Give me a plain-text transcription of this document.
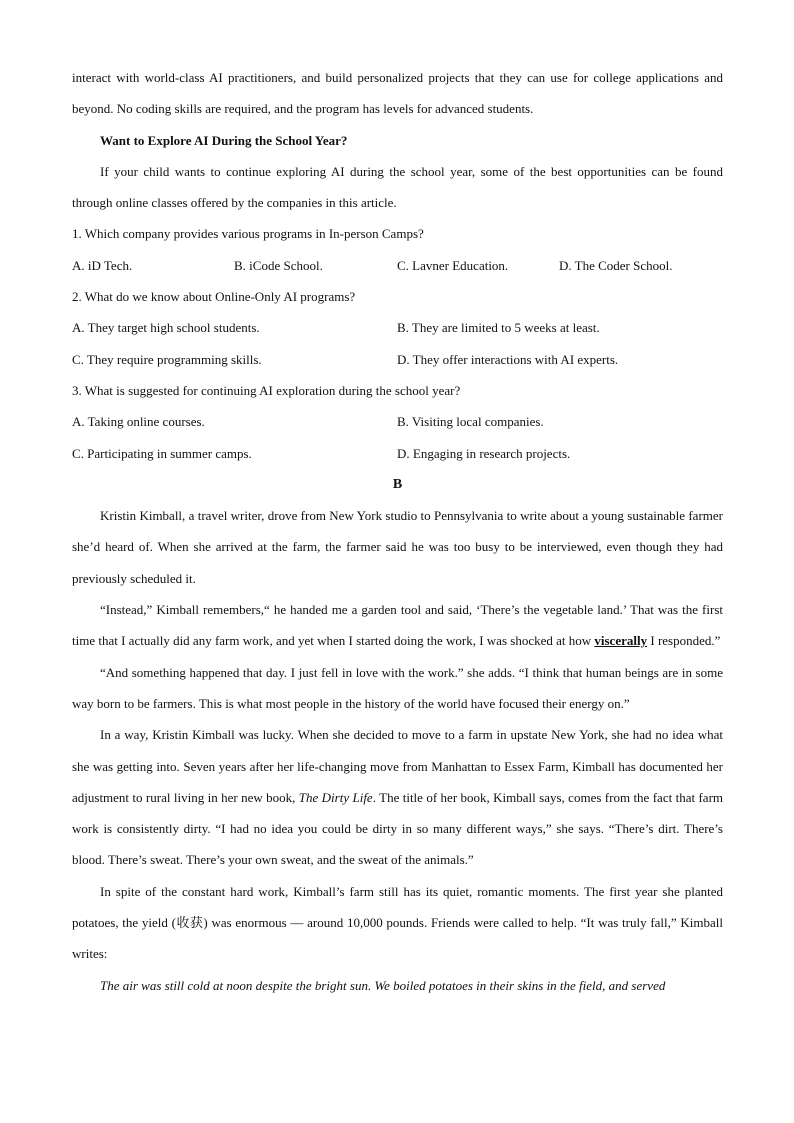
interact with world-class AI practitioners, and build personalized projects that they can use for college applications and beyond. No coding skills are required, and the program has levels for advanced students.

Want to Explore AI During the School Year?

If your child wants to continue exploring AI during the school year, some of the best opportunities can be found through online classes offered by the companies in this article.

1. Which company provides various programs in In-person Camps?

A. iD Tech.	B. iCode School.	C. Lavner Education.	D. The Coder School.

2. What do we know about Online-Only AI programs?

A. They target high school students.	B. They are limited to 5 weeks at least.
C. They require programming skills.	D. They offer interactions with AI experts.

3. What is suggested for continuing AI exploration during the school year?

A. Taking online courses.	B. Visiting local companies.
C. Participating in summer camps.	D. Engaging in research projects.

B

Kristin Kimball, a travel writer, drove from New York studio to Pennsylvania to write about a young sustainable farmer she’d heard of. When she arrived at the farm, the farmer said he was too busy to be interviewed, even though they had previously scheduled it.

“Instead,” Kimball remembers,“ he handed me a garden tool and said, ‘There’s the vegetable land.’ That was the first time that I actually did any farm work, and yet when I started doing the work, I was shocked at how viscerally I responded.”

“And something happened that day. I just fell in love with the work.” she adds. “I think that human beings are in some way born to be farmers. This is what most people in the history of the world have focused their energy on.”

In a way, Kristin Kimball was lucky. When she decided to move to a farm in upstate New York, she had no idea what she was getting into. Seven years after her life-changing move from Manhattan to Essex Farm, Kimball has documented her adjustment to rural living in her new book, The Dirty Life. The title of her book, Kimball says, comes from the fact that farm work is consistently dirty. “I had no idea you could be dirty in so many different ways,” she says. “There’s dirt. There’s blood. There’s sweat. There’s your own sweat, and the sweat of the animals.”

In spite of the constant hard work, Kimball’s farm still has its quiet, romantic moments. The first year she planted potatoes, the yield (收获) was enormous — around 10,000 pounds. Friends were called to help. “It was truly fall,” Kimball writes:

The air was still cold at noon despite the bright sun. We boiled potatoes in their skins in the field, and served
